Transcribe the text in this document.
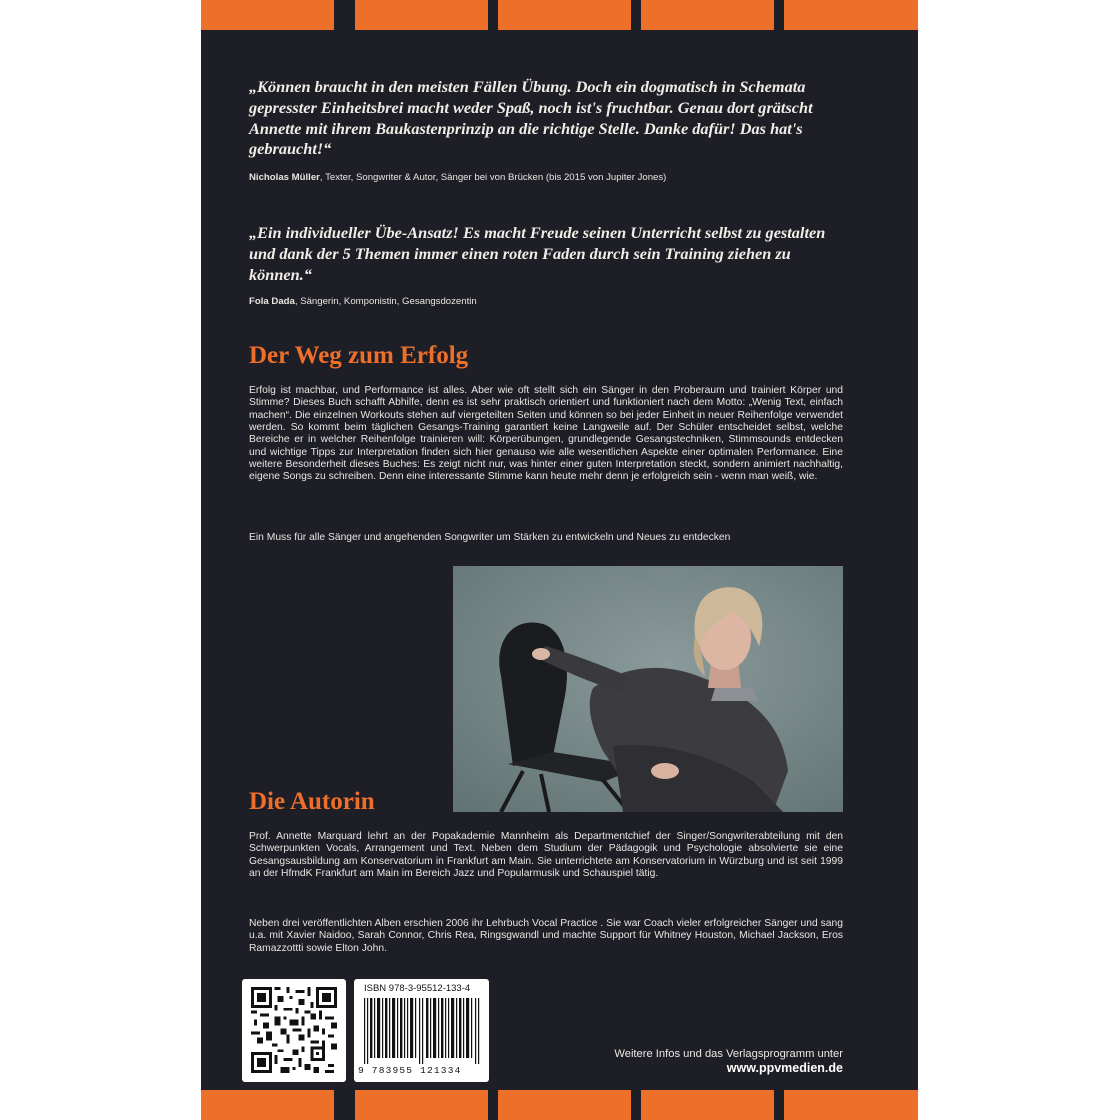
„Können braucht in den meisten Fällen Übung. Doch ein dogmatisch in Schemata gepresster Einheitsbrei macht weder Spaß, noch ist's fruchtbar. Genau dort grätscht Annette mit ihrem Baukastenprinzip an die richtige Stelle. Danke dafür! Das hat's gebraucht!“

Nicholas Müller, Texter, Songwriter & Autor, Sänger bei von Brücken (bis 2015 von Jupiter Jones)

„Ein individueller Übe-Ansatz! Es macht Freude seinen Unterricht selbst zu gestalten und dank der 5 Themen immer einen roten Faden durch sein Training ziehen zu können.“

Fola Dada, Sängerin, Komponistin, Gesangsdozentin

Der Weg zum Erfolg

Erfolg ist machbar, und Performance ist alles. Aber wie oft stellt sich ein Sänger in den Proberaum und trainiert Körper und Stimme? Dieses Buch schafft Abhilfe, denn es ist sehr praktisch orientiert und funktioniert nach dem Motto: „Wenig Text, einfach machen“. Die einzelnen Workouts stehen auf viergeteilten Seiten und können so bei jeder Einheit in neuer Reihenfolge verwendet werden. So kommt beim täglichen Gesangs-Training garantiert keine Langweile auf. Der Schüler entscheidet selbst, welche Bereiche er in welcher Reihenfolge trainieren will: Körperübungen, grundlegende Gesangstechniken, Stimmsounds entdecken und wichtige Tipps zur Interpretation finden sich hier genauso wie alle wesentlichen Aspekte einer optimalen Performance. Eine weitere Besonderheit dieses Buches: Es zeigt nicht nur, was hinter einer guten Interpretation steckt, sondern animiert nachhaltig, eigene Songs zu schreiben. Denn eine interessante Stimme kann heute mehr denn je erfolgreich sein - wenn man weiß, wie.

Ein Muss für alle Sänger und angehenden Songwriter um Stärken zu entwickeln und Neues zu entdecken

Die Autorin

Prof. Annette Marquard lehrt an der Popakademie Mannheim als Departmentchief der Singer/Songwriterabteilung mit den Schwerpunkten Vocals, Arrangement und Text. Neben dem Studium der Pädagogik und Psychologie absolvierte sie eine Gesangsausbildung am Konservatorium in Frankfurt am Main. Sie unterrichtete am Konservatorium in Würzburg und ist seit 1999 an der HfmdK Frankfurt am Main im Bereich Jazz und Popularmusik und Schauspiel tätig.

Neben drei veröffentlichten Alben erschien 2006 ihr Lehrbuch Vocal Practice . Sie war Coach vieler erfolgreicher Sänger und sang u.a. mit Xavier Naidoo, Sarah Connor, Chris Rea, Ringsgwandl und machte Support für Whitney Houston, Michael Jackson, Eros Ramazzottti sowie Elton John.

ISBN 978-3-95512-133-4

9 783955 121334

Weitere Infos und das Verlagsprogramm unter

www.ppvmedien.de
